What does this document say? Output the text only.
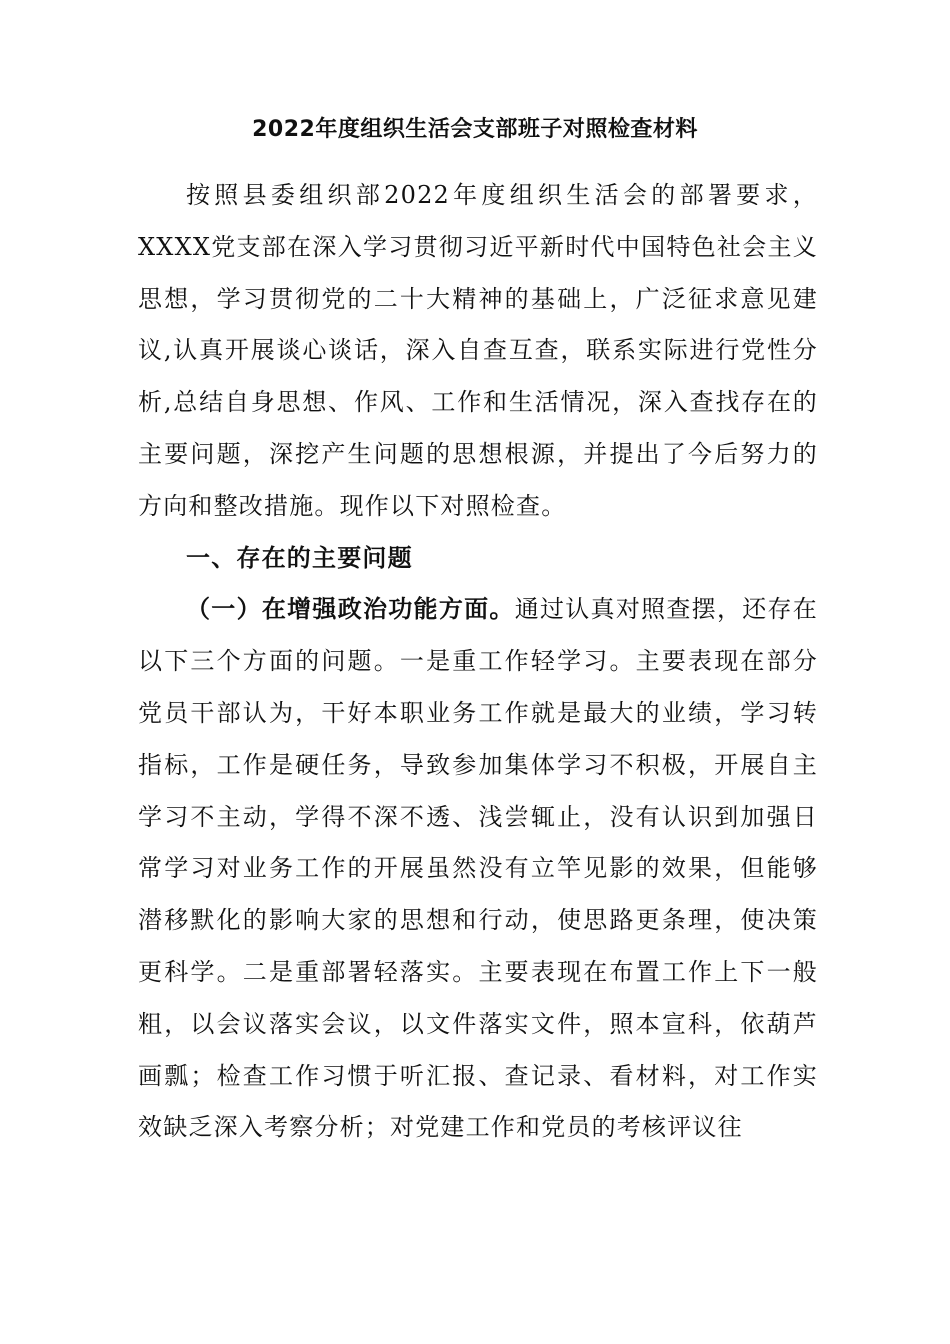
2022年度组织生活会支部班子对照检查材料

按照县委组织部2022年度组织生活会的部署要求，XXXX党支部在深入学习贯彻习近平新时代中国特色社会主义思想，学习贯彻党的二十大精神的基础上，广泛征求意见建议,认真开展谈心谈话，深入自查互查，联系实际进行党性分析,总结自身思想、作风、工作和生活情况，深入查找存在的主要问题，深挖产生问题的思想根源，并提出了今后努力的方向和整改措施。现作以下对照检查。

一、存在的主要问题

（一）在增强政治功能方面。通过认真对照查摆，还存在以下三个方面的问题。一是重工作轻学习。主要表现在部分党员干部认为，干好本职业务工作就是最大的业绩，学习转指标，工作是硬任务，导致参加集体学习不积极，开展自主学习不主动，学得不深不透、浅尝辄止，没有认识到加强日常学习对业务工作的开展虽然没有立竿见影的效果，但能够潜移默化的影响大家的思想和行动，使思路更条理，使决策更科学。二是重部署轻落实。主要表现在布置工作上下一般粗，以会议落实会议，以文件落实文件，照本宣科，依葫芦画瓢；检查工作习惯于听汇报、查记录、看材料，对工作实效缺乏深入考察分析；对党建工作和党员的考核评议往
